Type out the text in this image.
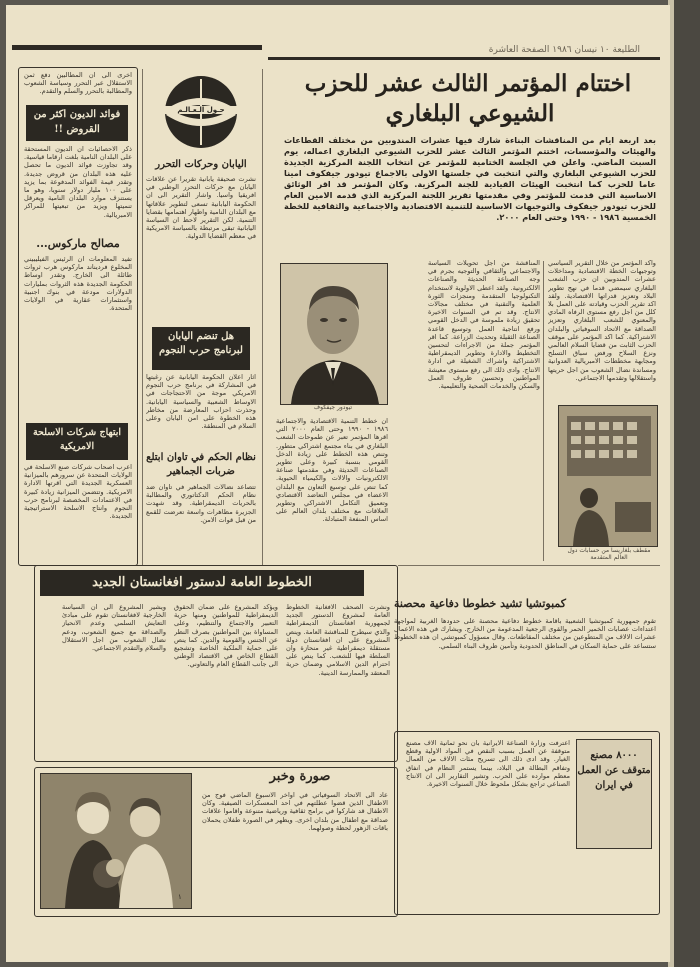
الطليعة ١٠ نيسان ١٩٨٦ الصفحة العاشرة
اختتام المؤتمر الثالث عشر للحزب
الشيوعي البلغاري
بعد اربعة ايام من المناقشات البناءة شارك فيها عشرات المندوبين من مختلف القطاعات والهيئات والمؤسسات، اختتم المؤتمر الثالث عشر للحزب الشيوعي البلغاري اعماله، يوم السبت الماضي. واعلن في الجلسة الختامية للمؤتمر عن انتخاب اللجنة المركزية الجديدة للحزب الشيوعي البلغاري والتي انتخبت في جلستها الاولى بالاجماع تيودور جيفكوف امينا عاما للحزب كما انتخبت الهيئات القيادية للجنة المركزية. وكان المؤتمر قد اقر الوثائق الاساسية التي قدمت للمؤتمر وفي مقدمتها تقرير اللجنة المركزية الذي قدمه الامين العام للحزب تيودور جيفكوف والتوجيهات الاساسية للتنمية الاقتصادية والاجتماعية والثقافية للخطة الخمسية ١٩٨٦ - ١٩٩٠ وحتى العام ٢٠٠٠.
واكد المؤتمر من خلال التقرير السياسي وتوجيهات الخطة الاقتصادية ومداخلات عشرات المندوبين ان حزب الشعب البلغاري سيمضي قدما في نهج تطوير البلاد وتعزيز قدراتها الاقتصادية. ولقد اكد تقرير الحزب وقيادته على العمل بلا كلل من اجل رفع مستوى الرفاه المادي والمعنوي للشعب البلغاري وتعزيز الصداقة مع الاتحاد السوفياتي والبلدان الاشتراكية. كما اكد المؤتمر على موقف الحزب الثابت من قضايا السلام العالمي ونزع السلاح ورفض سباق التسلح ومجابهة مخططات الامبريالية العدوانية ومساندة نضال الشعوب من اجل حريتها واستقلالها وتقدمها الاجتماعي.
المناقشة من اجل تحويلات السياسة والاجتماعي والثقافي والتوجيه بجرم في وجه الصناعة الحديثة والصناعات الالكترونية. ولقد اعطى الاولوية لاستخدام التكنولوجيا المتقدمة ومنجزات الثورة العلمية والتقنية في مختلف مجالات الانتاج. وقد تم في السنوات الاخيرة تحقيق زيادة ملموسة في الدخل القومي ورفع انتاجية العمل وتوسيع قاعدة الصناعة الثقيلة وتحديث الزراعة. كما اقر المؤتمر جملة من الاجراءات لتحسين التخطيط والادارة وتطوير الديمقراطية الاشتراكية واشراك الشغيلة في ادارة الانتاج. وادى ذلك الى رفع مستوى معيشة المواطنين وتحسين ظروف العمل والسكن والخدمات الصحية والتعليمية.
تيودور جيفكوف
ان خطط التنمية الاقتصادية والاجتماعية ١٩٨٦ - ١٩٩٠ وحتى العام ٢٠٠٠ التي اقرها المؤتمر تعبر عن طموحات الشعب البلغاري في بناء مجتمع اشتراكي متطور. وتنص هذه الخطط على زيادة الدخل القومي بنسبة كبيرة وعلى تطوير الصناعات الحديثة وفي مقدمتها صناعة الالكترونيات والالات والكيمياء الحيوية. كما تنص على توسيع التعاون مع البلدان الاعضاء في مجلس التعاضد الاقتصادي وتعميق التكامل الاشتراكي وتطوير العلاقات مع مختلف بلدان العالم على اساس المنفعة المتبادلة.
مقطف بلغاريسا من حسابات دول العالم المتقدمة
اخرى الى ان المطالبين دفع ثمن الاستقلال عبر التحرر وسياسة الشعوب والمطالبة بالتحرر والسلم والتقدم.
فوائد الديون اكثر من القروض !!
ذكر الاحصائيات ان الديون المستحقة على البلدان النامية بلغت ارقاما قياسية. وقد تجاوزت فوائد الديون ما تحصل عليه هذه البلدان من قروض جديدة. وتقدر قيمة الفوائد المدفوعة بما يزيد على ١٠٠ مليار دولار سنويا، وهو ما يستنزف موارد البلدان النامية ويعرقل تنميتها ويزيد من تبعيتها للمراكز الامبريالية.
مصالح ماركوس...
تفيد المعلومات ان الرئيس الفيليبيني المخلوع فرديناند ماركوس هرب ثروات طائلة الى الخارج. وتقدر اوساط الحكومة الجديدة هذه الثروات بمليارات الدولارات مودعة في بنوك اجنبية واستثمارات عقارية في الولايات المتحدة.
ابتهاج شركات الاسلحة الامريكية
اعرب اصحاب شركات صنع الاسلحة في الولايات المتحدة عن سرورهم بالميزانية العسكرية الجديدة التي اقرتها الادارة الامريكية. وتتضمن الميزانية زيادة كبيرة في الاعتمادات المخصصة لبرنامج حرب النجوم وانتاج الاسلحة الاستراتيجية الجديدة.
حـول الـعـالـم
اليابان وحركات التحرر
نشرت صحيفة يابانية تقريرا عن علاقات اليابان مع حركات التحرر الوطني في افريقيا واسيا. واشار التقرير الى ان الحكومة اليابانية تسعى لتطوير علاقاتها مع البلدان النامية واظهار اهتمامها بقضايا التنمية. لكن التقرير لاحظ ان السياسة اليابانية تبقى مرتبطة بالسياسة الامريكية في معظم القضايا الدولية.
هل تنضم اليابان لبرنامج حرب النجوم
اثار اعلان الحكومة اليابانية عن رغبتها في المشاركة في برنامج حرب النجوم الامريكي موجة من الاحتجاجات في الاوساط الشعبية والسياسية اليابانية. وحذرت احزاب المعارضة من مخاطر هذه الخطوة على امن اليابان وعلى السلام في المنطقة.
نظام الحكم في تاوان ابتلع ضربات الجماهير
تتصاعد نضالات الجماهير في تاوان ضد نظام الحكم الدكتاتوري والمطالبة بالحريات الديمقراطية. وقد شهدت الجزيرة مظاهرات واسعة تعرضت للقمع من قبل قوات الامن.
الخطوط العامة لدستور افغانستان الجديد
ونشرت الصحف الافغانية الخطوط العامة لمشروع الدستور الجديد لجمهورية افغانستان الديمقراطية والذي سيطرح للمناقشة العامة. وينص المشروع على ان افغانستان دولة مستقلة ديمقراطية غير منحازة وان السلطة فيها للشعب. كما ينص على احترام الدين الاسلامي وضمان حرية المعتقد والممارسة الدينية.
ويؤكد المشروع على ضمان الحقوق الديمقراطية للمواطنين ومنها حرية التعبير والاجتماع والتنظيم، وعلى المساواة بين المواطنين بصرف النظر عن الجنس والقومية والدين. كما ينص على حماية الملكية الخاصة وتشجيع القطاع الخاص في الاقتصاد الوطني الى جانب القطاع العام والتعاوني.
ويشير المشروع الى ان السياسة الخارجية لافغانستان تقوم على مبادئ التعايش السلمي وعدم الانحياز والصداقة مع جميع الشعوب، ودعم نضال الشعوب من اجل الاستقلال والسلام والتقدم الاجتماعي.
كمبوتشيا تشيد خطوطا دفاعية محصنة
تقوم جمهورية كمبوتشيا الشعبية باقامة خطوط دفاعية محصنة على حدودها الغربية لمواجهة اعتداءات عصابات الخمير الحمر والقوى الرجعية المدعومة من الخارج. ويشارك في هذه الاعمال عشرات الالاف من المتطوعين من مختلف المقاطعات. وقال مسؤول كمبوتشي ان هذه الخطوط ستساعد على حماية السكان في المناطق الحدودية وتأمين ظروف البناء السلمي.
٨٠٠٠ مصنع متوقف عن العمل في ايران
اعترفت وزارة الصناعة الايرانية بان نحو ثمانية الاف مصنع متوقفة عن العمل بسبب النقص في المواد الاولية وقطع الغيار. وقد ادى ذلك الى تسريح مئات الالاف من العمال وتفاقم البطالة في البلاد، بينما يستمر النظام في انفاق معظم موارده على الحرب. وتشير التقارير الى ان الانتاج الصناعي تراجع بشكل ملحوظ خلال السنوات الاخيرة.
صورة وخبر
عاد الى الاتحاد السوفياتي في اواخر الاسبوع الماضي فوج من الاطفال الذين قضوا عطلتهم في احد المعسكرات الصيفية. وكان الاطفال قد شاركوا في برامج ثقافية ورياضية متنوعة واقاموا علاقات صداقة مع اطفال من بلدان اخرى. ويظهر في الصورة طفلان يحملان باقات الزهور لحظة وصولهما.
١
